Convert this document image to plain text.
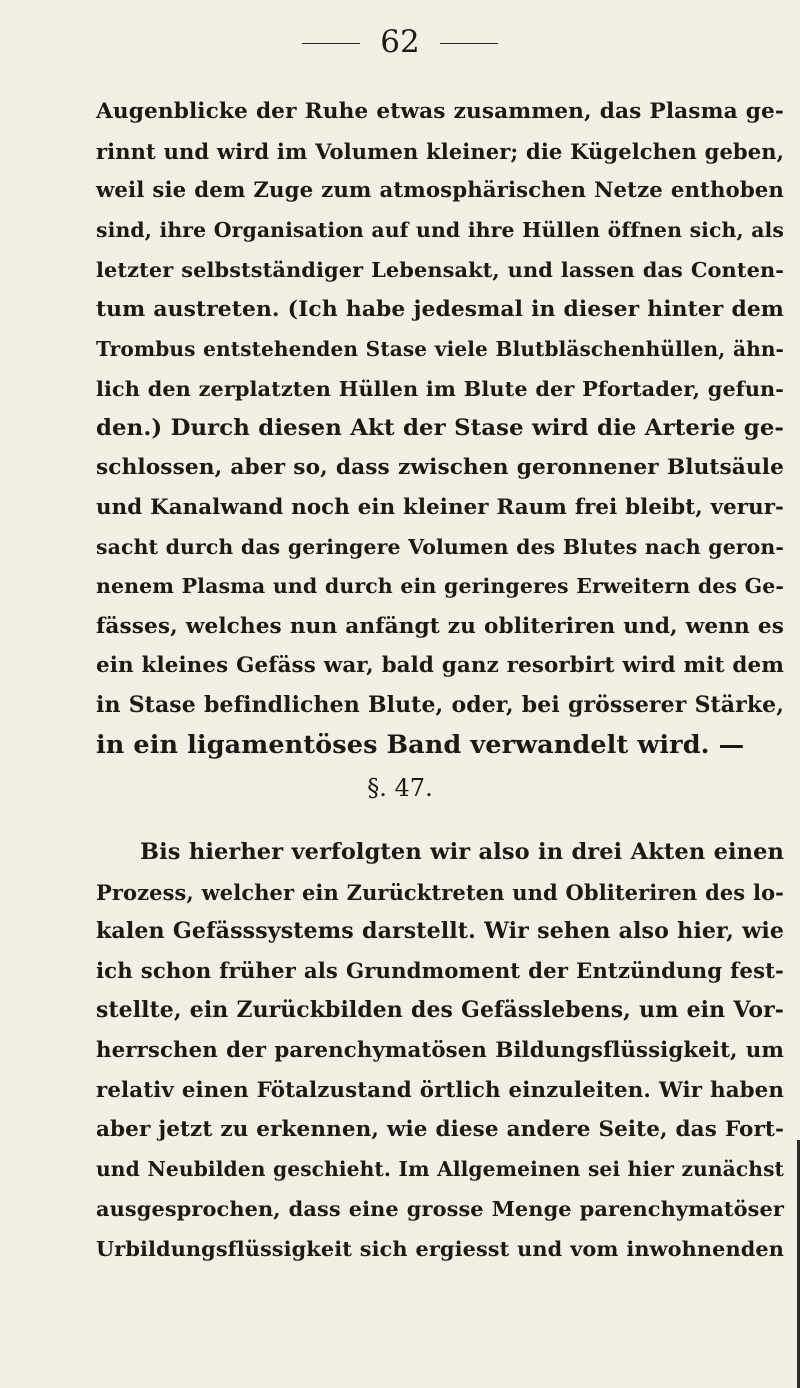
62
Augenblicke der Ruhe etwas zusammen, das Plasma ge-
rinnt und wird im Volumen kleiner; die Kügelchen geben,
weil sie dem Zuge zum atmosphärischen Netze enthoben
sind, ihre Organisation auf und ihre Hüllen öffnen sich, als
letzter selbstständiger Lebensakt, und lassen das Conten-
tum austreten. (Ich habe jedesmal in dieser hinter dem
Trombus entstehenden Stase viele Blutbläschenhüllen, ähn-
lich den zerplatzten Hüllen im Blute der Pfortader, gefun-
den.) Durch diesen Akt der Stase wird die Arterie ge-
schlossen, aber so, dass zwischen geronnener Blutsäule
und Kanalwand noch ein kleiner Raum frei bleibt, verur-
sacht durch das geringere Volumen des Blutes nach geron-
nenem Plasma und durch ein geringeres Erweitern des Ge-
fässes, welches nun anfängt zu obliteriren und, wenn es
ein kleines Gefäss war, bald ganz resorbirt wird mit dem
in Stase befindlichen Blute, oder, bei grösserer Stärke,
in ein ligamentöses Band verwandelt wird. —
§. 47.
Bis hierher verfolgten wir also in drei Akten einen
Prozess, welcher ein Zurücktreten und Obliteriren des lo-
kalen Gefässsystems darstellt. Wir sehen also hier, wie
ich schon früher als Grundmoment der Entzündung fest-
stellte, ein Zurückbilden des Gefässlebens, um ein Vor-
herrschen der parenchymatösen Bildungsflüssigkeit, um
relativ einen Fötalzustand örtlich einzuleiten. Wir haben
aber jetzt zu erkennen, wie diese andere Seite, das Fort-
und Neubilden geschieht. Im Allgemeinen sei hier zunächst
ausgesprochen, dass eine grosse Menge parenchymatöser
Urbildungsflüssigkeit sich ergiesst und vom inwohnenden
